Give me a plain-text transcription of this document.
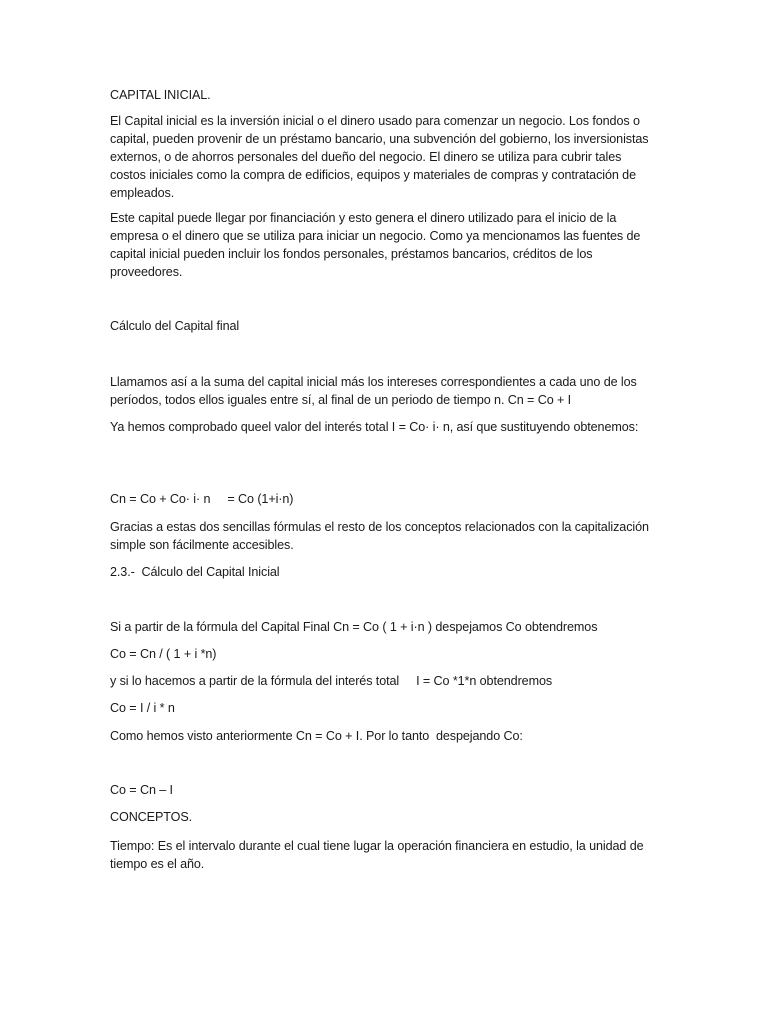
CAPITAL INICIAL.

El Capital inicial es la inversión inicial o el dinero usado para comenzar un negocio. Los fondos o capital, pueden provenir de un préstamo bancario, una subvención del gobierno, los inversionistas externos, o de ahorros personales del dueño del negocio. El dinero se utiliza para cubrir tales costos iniciales como la compra de edificios, equipos y materiales de compras y contratación de empleados.

Este capital puede llegar por financiación y esto genera el dinero utilizado para el inicio de la empresa o el dinero que se utiliza para iniciar un negocio. Como ya mencionamos las fuentes de capital inicial pueden incluir los fondos personales, préstamos bancarios, créditos de los proveedores.

Cálculo del Capital final

Llamamos así a la suma del capital inicial más los intereses correspondientes a cada uno de los períodos, todos ellos iguales entre sí, al final de un periodo de tiempo n. Cn = Co + I

Ya hemos comprobado queel valor del interés total I = Co· i· n, así que sustituyendo obtenemos:

Cn = Co + Co· i· n     = Co (1+i·n)

Gracias a estas dos sencillas fórmulas el resto de los conceptos relacionados con la capitalización simple son fácilmente accesibles.

2.3.-  Cálculo del Capital Inicial

Si a partir de la fórmula del Capital Final Cn = Co ( 1 + i·n ) despejamos Co obtendremos

Co = Cn / ( 1 + i *n)

y si lo hacemos a partir de la fórmula del interés total     I = Co *1*n obtendremos

Co = I / i * n

Como hemos visto anteriormente Cn = Co + I. Por lo tanto  despejando Co:

Co = Cn – I

CONCEPTOS.

Tiempo: Es el intervalo durante el cual tiene lugar la operación financiera en estudio, la unidad de tiempo es el año.
